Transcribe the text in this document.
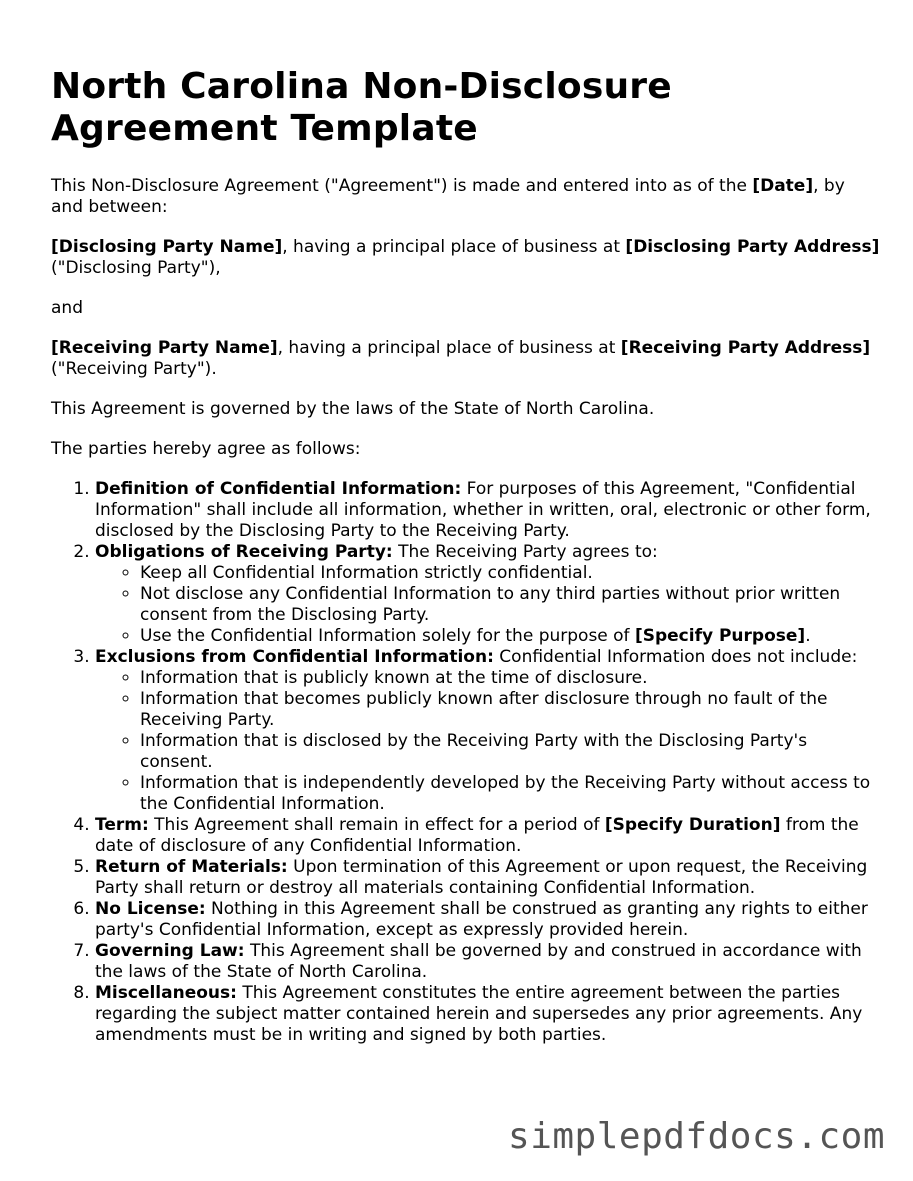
North Carolina Non-Disclosure
Agreement Template

This Non-Disclosure Agreement ("Agreement") is made and entered into as of the [Date], by and between:

[Disclosing Party Name], having a principal place of business at [Disclosing Party Address] ("Disclosing Party"),

and

[Receiving Party Name], having a principal place of business at [Receiving Party Address] ("Receiving Party").

This Agreement is governed by the laws of the State of North Carolina.

The parties hereby agree as follows:

1. Definition of Confidential Information: For purposes of this Agreement, "Confidential Information" shall include all information, whether in written, oral, electronic or other form, disclosed by the Disclosing Party to the Receiving Party.
2. Obligations of Receiving Party: The Receiving Party agrees to:
◦ Keep all Confidential Information strictly confidential.
◦ Not disclose any Confidential Information to any third parties without prior written consent from the Disclosing Party.
◦ Use the Confidential Information solely for the purpose of [Specify Purpose].
3. Exclusions from Confidential Information: Confidential Information does not include:
◦ Information that is publicly known at the time of disclosure.
◦ Information that becomes publicly known after disclosure through no fault of the Receiving Party.
◦ Information that is disclosed by the Receiving Party with the Disclosing Party's consent.
◦ Information that is independently developed by the Receiving Party without access to the Confidential Information.
4. Term: This Agreement shall remain in effect for a period of [Specify Duration] from the date of disclosure of any Confidential Information.
5. Return of Materials: Upon termination of this Agreement or upon request, the Receiving Party shall return or destroy all materials containing Confidential Information.
6. No License: Nothing in this Agreement shall be construed as granting any rights to either party's Confidential Information, except as expressly provided herein.
7. Governing Law: This Agreement shall be governed by and construed in accordance with the laws of the State of North Carolina.
8. Miscellaneous: This Agreement constitutes the entire agreement between the parties regarding the subject matter contained herein and supersedes any prior agreements. Any amendments must be in writing and signed by both parties.
simplepdfdocs.com
